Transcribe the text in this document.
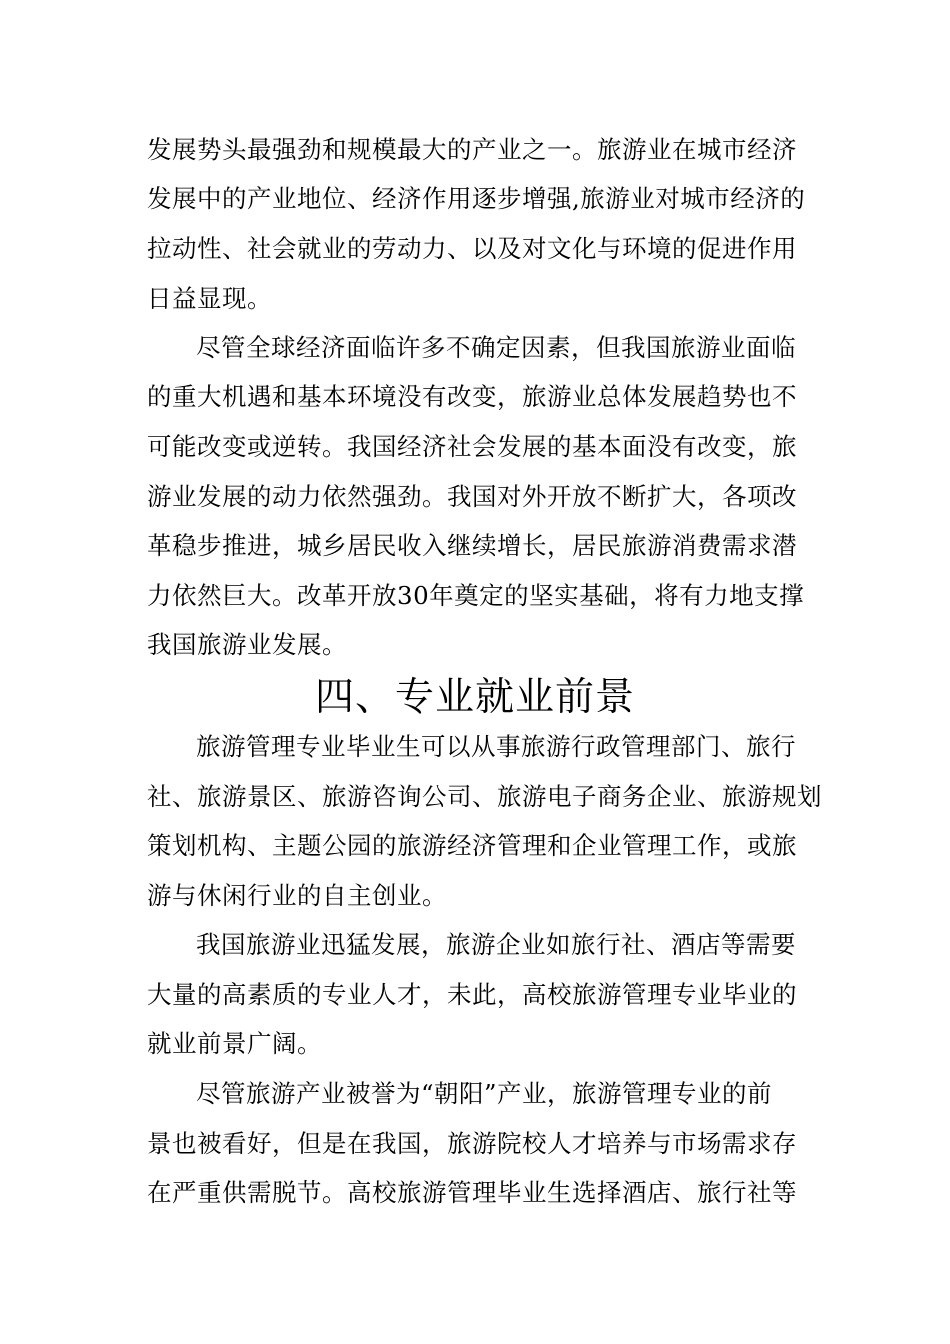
发展势头最强劲和规模最大的产业之一。旅游业在城市经济
发展中的产业地位、经济作用逐步增强,旅游业对城市经济的
拉动性、社会就业的劳动力、以及对文化与环境的促进作用
日益显现。
尽管全球经济面临许多不确定因素，但我国旅游业面临
的重大机遇和基本环境没有改变，旅游业总体发展趋势也不
可能改变或逆转。我国经济社会发展的基本面没有改变，旅
游业发展的动力依然强劲。我国对外开放不断扩大，各项改
革稳步推进，城乡居民收入继续增长，居民旅游消费需求潜
力依然巨大。改革开放30年奠定的坚实基础，将有力地支撑
我国旅游业发展。
四、专业就业前景
旅游管理专业毕业生可以从事旅游行政管理部门、旅行
社、旅游景区、旅游咨询公司、旅游电子商务企业、旅游规划
策划机构、主题公园的旅游经济管理和企业管理工作，或旅
游与休闲行业的自主创业。
我国旅游业迅猛发展，旅游企业如旅行社、酒店等需要
大量的高素质的专业人才，未此，高校旅游管理专业毕业的
就业前景广阔。
尽管旅游产业被誉为“朝阳”产业，旅游管理专业的前
景也被看好，但是在我国，旅游院校人才培养与市场需求存
在严重供需脱节。高校旅游管理毕业生选择酒店、旅行社等
